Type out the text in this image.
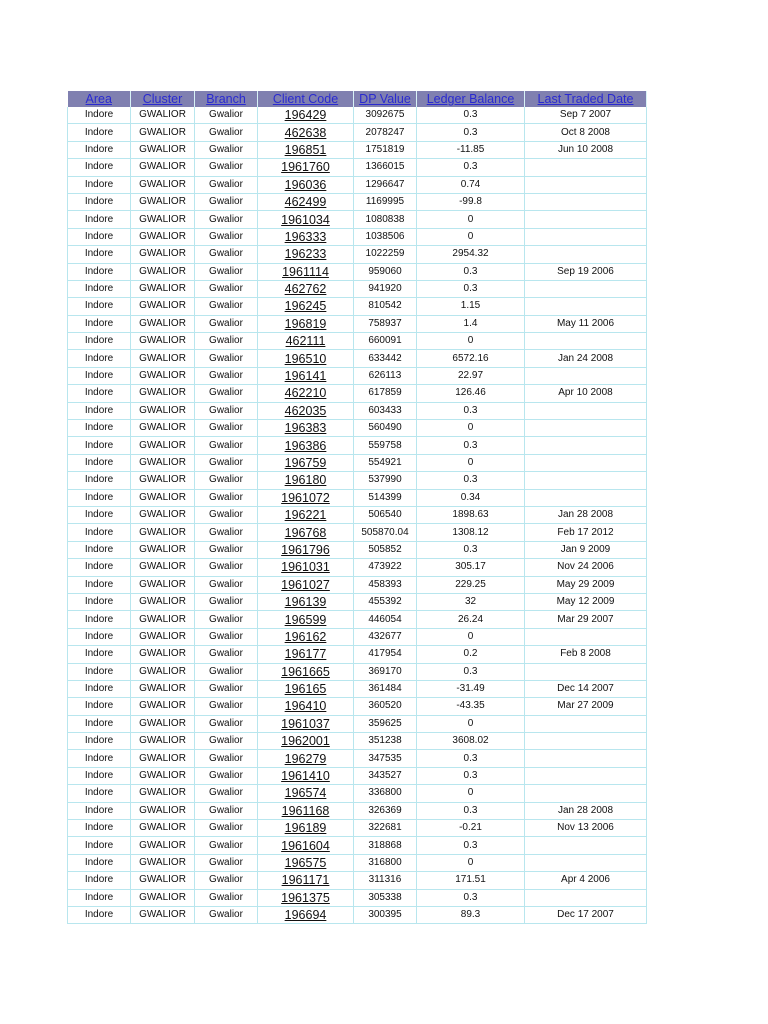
Area	Cluster	Branch	Client Code	DP Value	Ledger Balance	Last Traded Date
Indore	GWALIOR	Gwalior	196429	3092675	0.3	Sep 7 2007
Indore	GWALIOR	Gwalior	462638	2078247	0.3	Oct 8 2008
Indore	GWALIOR	Gwalior	196851	1751819	-11.85	Jun 10 2008
Indore	GWALIOR	Gwalior	1961760	1366015	0.3	
Indore	GWALIOR	Gwalior	196036	1296647	0.74	
Indore	GWALIOR	Gwalior	462499	1169995	-99.8	
Indore	GWALIOR	Gwalior	1961034	1080838	0	
Indore	GWALIOR	Gwalior	196333	1038506	0	
Indore	GWALIOR	Gwalior	196233	1022259	2954.32	
Indore	GWALIOR	Gwalior	1961114	959060	0.3	Sep 19 2006
Indore	GWALIOR	Gwalior	462762	941920	0.3	
Indore	GWALIOR	Gwalior	196245	810542	1.15	
Indore	GWALIOR	Gwalior	196819	758937	1.4	May 11 2006
Indore	GWALIOR	Gwalior	462111	660091	0	
Indore	GWALIOR	Gwalior	196510	633442	6572.16	Jan 24 2008
Indore	GWALIOR	Gwalior	196141	626113	22.97	
Indore	GWALIOR	Gwalior	462210	617859	126.46	Apr 10 2008
Indore	GWALIOR	Gwalior	462035	603433	0.3	
Indore	GWALIOR	Gwalior	196383	560490	0	
Indore	GWALIOR	Gwalior	196386	559758	0.3	
Indore	GWALIOR	Gwalior	196759	554921	0	
Indore	GWALIOR	Gwalior	196180	537990	0.3	
Indore	GWALIOR	Gwalior	1961072	514399	0.34	
Indore	GWALIOR	Gwalior	196221	506540	1898.63	Jan 28 2008
Indore	GWALIOR	Gwalior	196768	505870.04	1308.12	Feb 17 2012
Indore	GWALIOR	Gwalior	1961796	505852	0.3	Jan 9 2009
Indore	GWALIOR	Gwalior	1961031	473922	305.17	Nov 24 2006
Indore	GWALIOR	Gwalior	1961027	458393	229.25	May 29 2009
Indore	GWALIOR	Gwalior	196139	455392	32	May 12 2009
Indore	GWALIOR	Gwalior	196599	446054	26.24	Mar 29 2007
Indore	GWALIOR	Gwalior	196162	432677	0	
Indore	GWALIOR	Gwalior	196177	417954	0.2	Feb 8 2008
Indore	GWALIOR	Gwalior	1961665	369170	0.3	
Indore	GWALIOR	Gwalior	196165	361484	-31.49	Dec 14 2007
Indore	GWALIOR	Gwalior	196410	360520	-43.35	Mar 27 2009
Indore	GWALIOR	Gwalior	1961037	359625	0	
Indore	GWALIOR	Gwalior	1962001	351238	3608.02	
Indore	GWALIOR	Gwalior	196279	347535	0.3	
Indore	GWALIOR	Gwalior	1961410	343527	0.3	
Indore	GWALIOR	Gwalior	196574	336800	0	
Indore	GWALIOR	Gwalior	1961168	326369	0.3	Jan 28 2008
Indore	GWALIOR	Gwalior	196189	322681	-0.21	Nov 13 2006
Indore	GWALIOR	Gwalior	1961604	318868	0.3	
Indore	GWALIOR	Gwalior	196575	316800	0	
Indore	GWALIOR	Gwalior	1961171	311316	171.51	Apr 4 2006
Indore	GWALIOR	Gwalior	1961375	305338	0.3	
Indore	GWALIOR	Gwalior	196694	300395	89.3	Dec 17 2007
